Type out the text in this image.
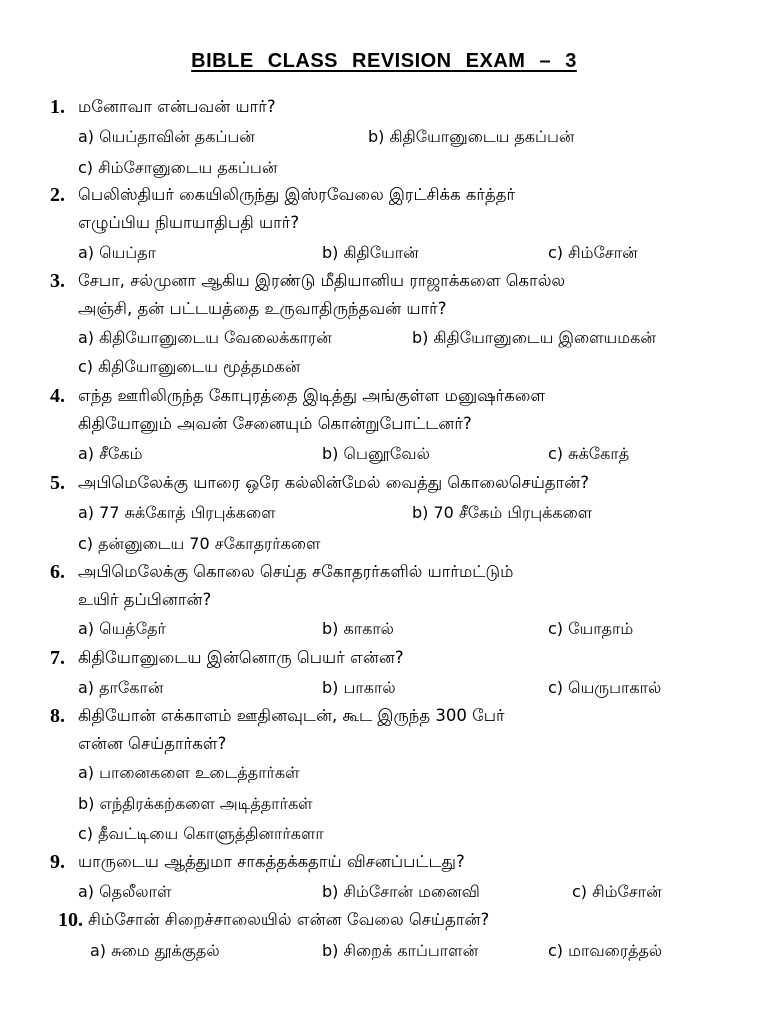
BIBLE CLASS REVISION EXAM – 3
1. மனோவா என்பவன் யார்?
a) யெப்தாவின் தகப்பன்	b) கிதியோனுடைய தகப்பன்
c) சிம்சோனுடைய தகப்பன்
2. பெலிஸ்தியர் கையிலிருந்து இஸ்ரவேலை இரட்சிக்க கர்த்தர்
எழுப்பிய நியாயாதிபதி யார்?
a) யெப்தா	b) கிதியோன்	c) சிம்சோன்
3. சேபா, சல்முனா ஆகிய இரண்டு மீதியானிய ராஜாக்களை கொல்ல
அஞ்சி, தன் பட்டயத்தை உருவாதிருந்தவன் யார்?
a) கிதியோனுடைய வேலைக்காரன்	b) கிதியோனுடைய இளையமகன்
c) கிதியோனுடைய மூத்தமகன்
4. எந்த ஊரிலிருந்த கோபுரத்தை இடித்து அங்குள்ள மனுஷர்களை
கிதியோனும் அவன் சேனையும் கொன்றுபோட்டனர்?
a) சீகேம்	b) பெனூவேல்	c) சுக்கோத்
5. அபிமெலேக்கு யாரை ஒரே கல்லின்மேல் வைத்து கொலைசெய்தான்?
a) 77 சுக்கோத் பிரபுக்களை	b) 70 சீகேம் பிரபுக்களை
c) தன்னுடைய 70 சகோதரர்களை
6. அபிமெலேக்கு கொலை செய்த சகோதரர்களில் யார்மட்டும்
உயிர் தப்பினான்?
a) யெத்தேர்	b) காகால்	c) யோதாம்
7. கிதியோனுடைய இன்னொரு பெயர் என்ன?
a) தாகோன்	b) பாகால்	c) யெருபாகால்
8. கிதியோன் எக்காளம் ஊதினவுடன், கூட இருந்த 300 பேர்
என்ன செய்தார்கள்?
a) பானைகளை உடைத்தார்கள்
b) எந்திரக்கற்களை அடித்தார்கள்
c) தீவட்டியை கொளுத்தினார்களா
9. யாருடைய ஆத்துமா சாகத்தக்கதாய் விசனப்பட்டது?
a) தெலீலாள்	b) சிம்சோன் மனைவி	c) சிம்சோன்
10. சிம்சோன் சிறைச்சாலையில் என்ன வேலை செய்தான்?
a) சுமை தூக்குதல்	b) சிறைக் காப்பாளன்	c) மாவரைத்தல்
